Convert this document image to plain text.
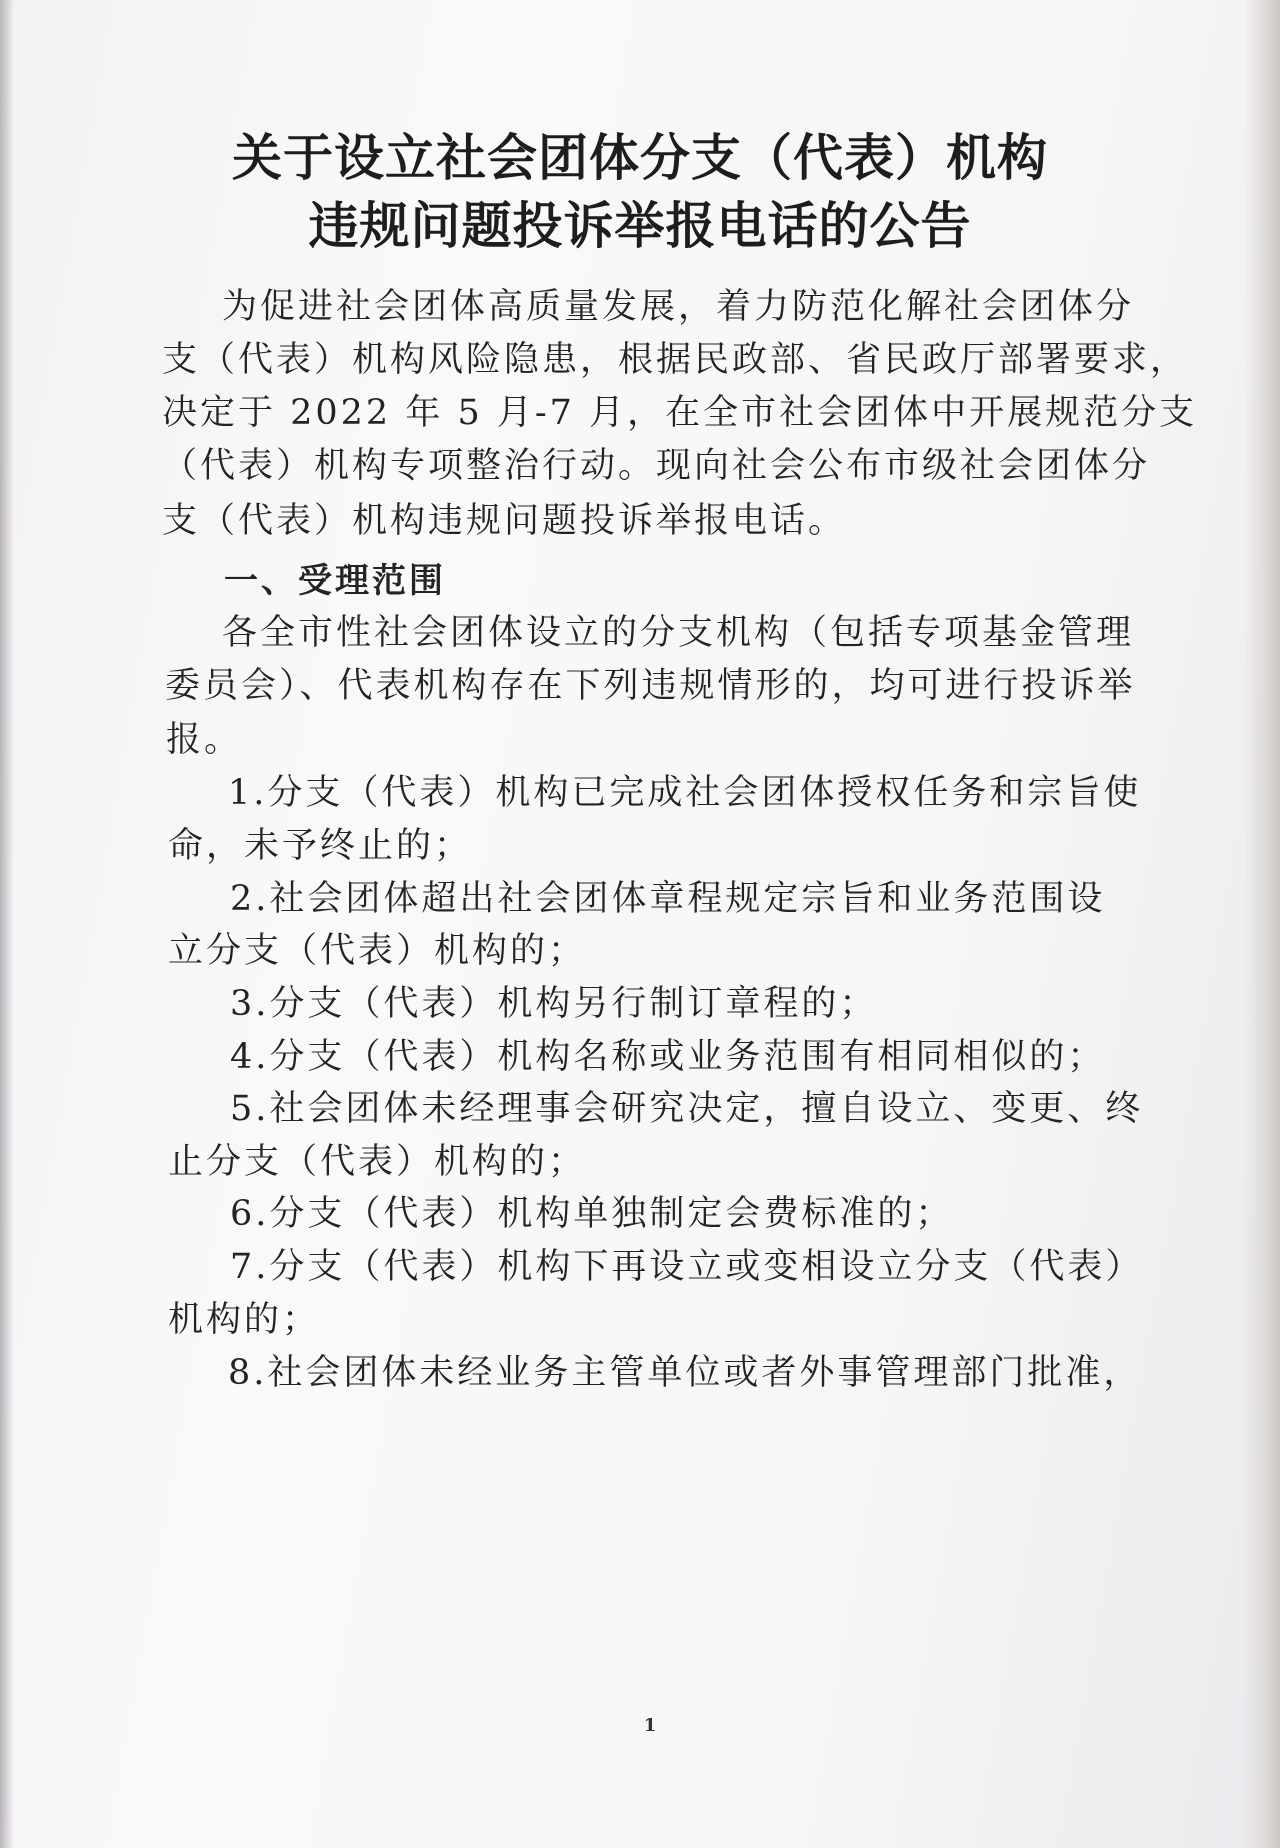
关于设立社会团体分支（代表）机构
违规问题投诉举报电话的公告
为促进社会团体高质量发展，着力防范化解社会团体分
支（代表）机构风险隐患，根据民政部、省民政厅部署要求，
决定于 2022 年 5 月-7 月，在全市社会团体中开展规范分支
（代表）机构专项整治行动。现向社会公布市级社会团体分
支（代表）机构违规问题投诉举报电话。
一、受理范围
各全市性社会团体设立的分支机构（包括专项基金管理
委员会）、代表机构存在下列违规情形的，均可进行投诉举
报。
1.分支（代表）机构已完成社会团体授权任务和宗旨使
命，未予终止的；
2.社会团体超出社会团体章程规定宗旨和业务范围设
立分支（代表）机构的；
3.分支（代表）机构另行制订章程的；
4.分支（代表）机构名称或业务范围有相同相似的；
5.社会团体未经理事会研究决定，擅自设立、变更、终
止分支（代表）机构的；
6.分支（代表）机构单独制定会费标准的；
7.分支（代表）机构下再设立或变相设立分支（代表）
机构的；
8.社会团体未经业务主管单位或者外事管理部门批准，
1
